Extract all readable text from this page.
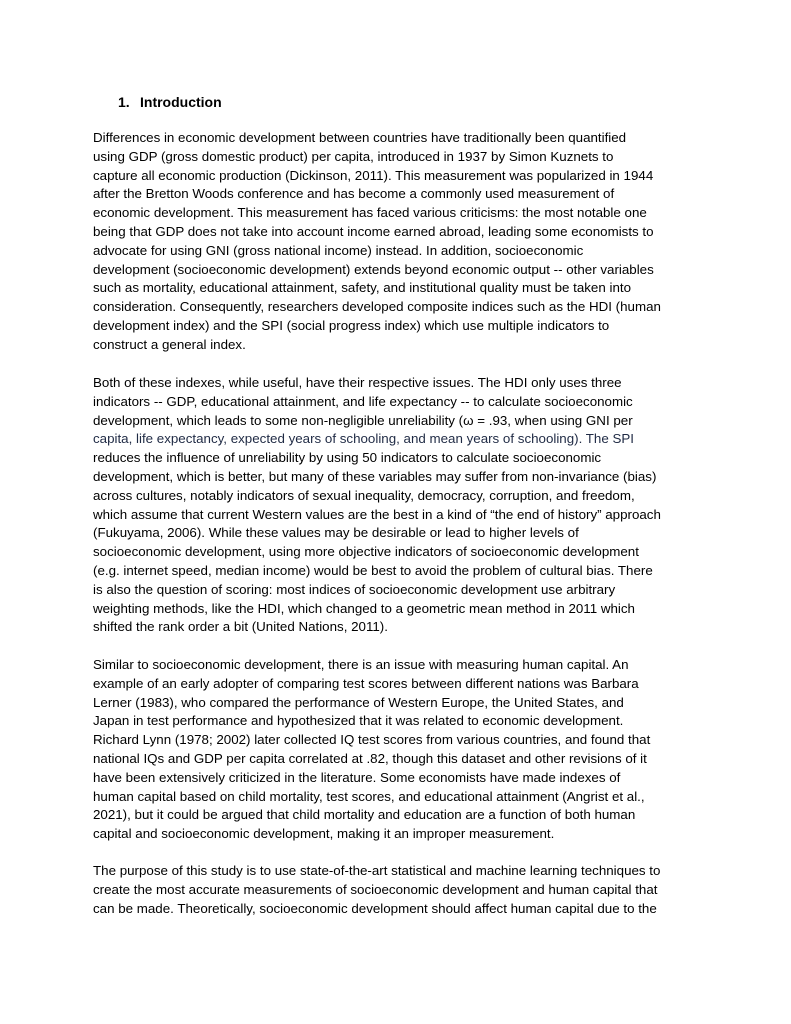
1. Introduction
Differences in economic development between countries have traditionally been quantified
using GDP (gross domestic product) per capita, introduced in 1937 by Simon Kuznets to
capture all economic production (Dickinson, 2011). This measurement was popularized in 1944
after the Bretton Woods conference and has become a commonly used measurement of
economic development. This measurement has faced various criticisms: the most notable one
being that GDP does not take into account income earned abroad, leading some economists to
advocate for using GNI (gross national income) instead. In addition, socioeconomic
development (socioeconomic development) extends beyond economic output -- other variables
such as mortality, educational attainment, safety, and institutional quality must be taken into
consideration. Consequently, researchers developed composite indices such as the HDI (human
development index) and the SPI (social progress index) which use multiple indicators to
construct a general index.
Both of these indexes, while useful, have their respective issues. The HDI only uses three
indicators -- GDP, educational attainment, and life expectancy -- to calculate socioeconomic
development, which leads to some non-negligible unreliability (ω = .93, when using GNI per
capita, life expectancy, expected years of schooling, and mean years of schooling). The SPI
reduces the influence of unreliability by using 50 indicators to calculate socioeconomic
development, which is better, but many of these variables may suffer from non-invariance (bias)
across cultures, notably indicators of sexual inequality, democracy, corruption, and freedom,
which assume that current Western values are the best in a kind of “the end of history” approach
(Fukuyama, 2006). While these values may be desirable or lead to higher levels of
socioeconomic development, using more objective indicators of socioeconomic development
(e.g. internet speed, median income) would be best to avoid the problem of cultural bias. There
is also the question of scoring: most indices of socioeconomic development use arbitrary
weighting methods, like the HDI, which changed to a geometric mean method in 2011 which
shifted the rank order a bit (United Nations, 2011).
Similar to socioeconomic development, there is an issue with measuring human capital. An
example of an early adopter of comparing test scores between different nations was Barbara
Lerner (1983), who compared the performance of Western Europe, the United States, and
Japan in test performance and hypothesized that it was related to economic development.
Richard Lynn (1978; 2002) later collected IQ test scores from various countries, and found that
national IQs and GDP per capita correlated at .82, though this dataset and other revisions of it
have been extensively criticized in the literature. Some economists have made indexes of
human capital based on child mortality, test scores, and educational attainment (Angrist et al.,
2021), but it could be argued that child mortality and education are a function of both human
capital and socioeconomic development, making it an improper measurement.
The purpose of this study is to use state-of-the-art statistical and machine learning techniques to
create the most accurate measurements of socioeconomic development and human capital that
can be made. Theoretically, socioeconomic development should affect human capital due to the
